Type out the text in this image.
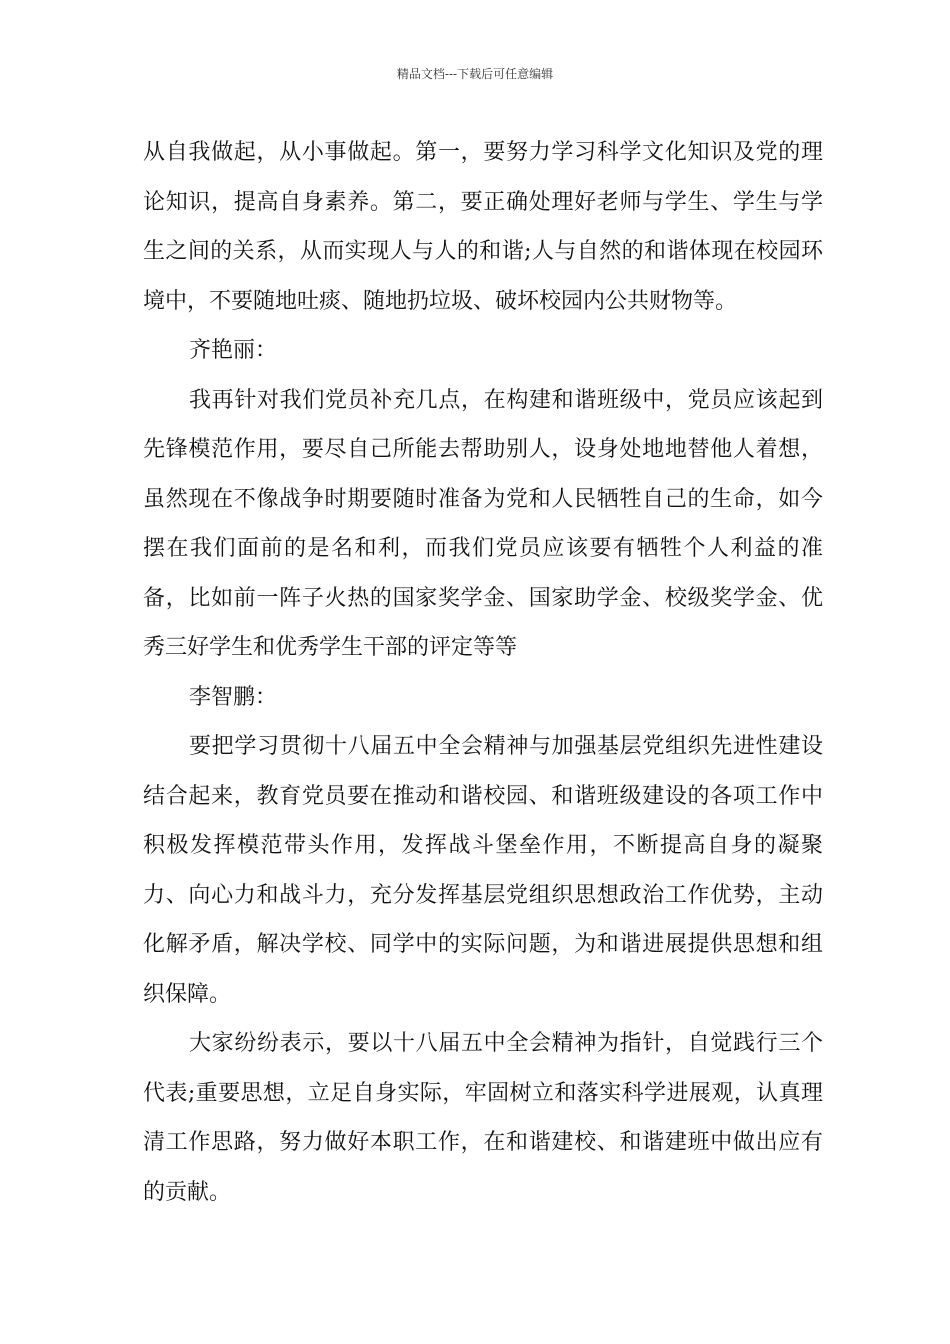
精品文档---下载后可任意编辑

从自我做起，从小事做起。第一，要努力学习科学文化知识及党的理论知识，提高自身素养。第二，要正确处理好老师与学生、学生与学生之间的关系，从而实现人与人的和谐;人与自然的和谐体现在校园环境中，不要随地吐痰、随地扔垃圾、破坏校园内公共财物等。

齐艳丽：

我再针对我们党员补充几点，在构建和谐班级中，党员应该起到先锋模范作用，要尽自己所能去帮助别人，设身处地地替他人着想，虽然现在不像战争时期要随时准备为党和人民牺牲自己的生命，如今摆在我们面前的是名和利，而我们党员应该要有牺牲个人利益的准备，比如前一阵子火热的国家奖学金、国家助学金、校级奖学金、优秀三好学生和优秀学生干部的评定等等

李智鹏：

要把学习贯彻十八届五中全会精神与加强基层党组织先进性建设结合起来，教育党员要在推动和谐校园、和谐班级建设的各项工作中积极发挥模范带头作用，发挥战斗堡垒作用，不断提高自身的凝聚力、向心力和战斗力，充分发挥基层党组织思想政治工作优势，主动化解矛盾，解决学校、同学中的实际问题，为和谐进展提供思想和组织保障。

大家纷纷表示，要以十八届五中全会精神为指针，自觉践行三个代表;重要思想，立足自身实际，牢固树立和落实科学进展观，认真理清工作思路，努力做好本职工作，在和谐建校、和谐建班中做出应有的贡献。
